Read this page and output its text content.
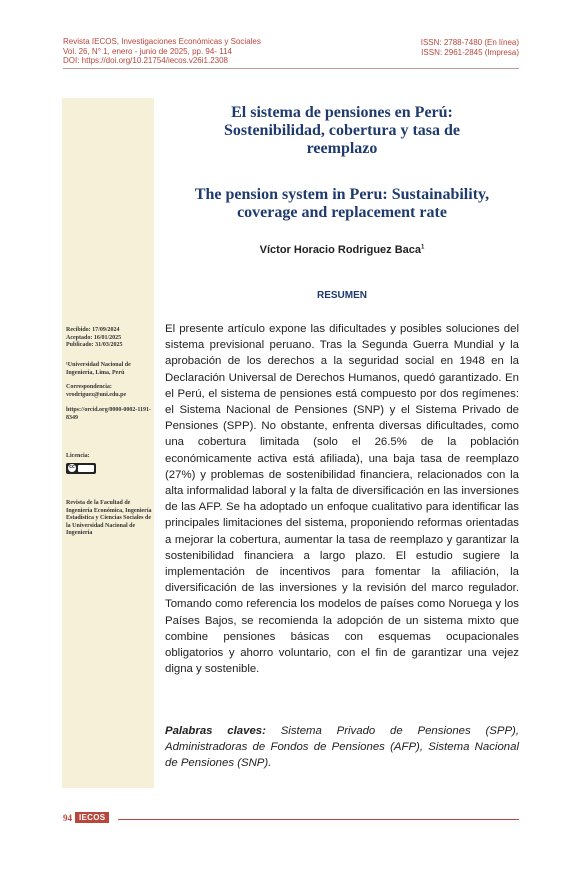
Revista IECOS, Investigaciones Económicas y Sociales
Vol. 26, N° 1, enero - junio de 2025, pp. 94- 114
DOI: https://doi.org/10.21754/iecos.v26i1.2308
ISSN: 2788-7480 (En línea)
ISSN: 2961-2845 (Impresa)
Recibido: 17/09/2024
Aceptado: 16/01/2025
Publicado: 31/03/2025

¹Universidad Nacional de Ingeniería, Lima, Perú

Correspondencia:

vrodriguez@uni.edu.pe

https://orcid.org/0000-0002-1191-8349

Licencia:

cc

Revista de la Facultad de Ingeniería Económica, Ingeniería Estadística y Ciencias Sociales de la Universidad Nacional de Ingeniería

El sistema de pensiones en Perú:
Sostenibilidad, cobertura y tasa de
reemplazo
The pension system in Peru: Sustainability,
coverage and replacement rate
Víctor Horacio Rodriguez Baca$^1$
RESUMEN

El presente artículo expone las dificultades y posibles soluciones del sistema previsional peruano. Tras la Segunda Guerra Mundial y la aprobación de los derechos a la seguridad social en 1948 en la Declaración Universal de Derechos Humanos, quedó garantizado. En el Perú, el sistema de pensiones está compuesto por dos regímenes: el Sistema Nacional de Pensiones (SNP) y el Sistema Privado de Pensiones (SPP). No obstante, enfrenta diversas dificultades, como una cobertura limitada (solo el 26.5% de la población económicamente activa está afiliada), una baja tasa de reemplazo (27%) y problemas de sostenibilidad financiera, relacionados con la alta informalidad laboral y la falta de diversificación en las inversiones de las AFP. Se ha adoptado un enfoque cualitativo para identificar las principales limitaciones del sistema, proponiendo reformas orientadas a mejorar la cobertura, aumentar la tasa de reemplazo y garantizar la sostenibilidad financiera a largo plazo. El estudio sugiere la implementación de incentivos para fomentar la afiliación, la diversificación de las inversiones y la revisión del marco regulador. Tomando como referencia los modelos de países como Noruega y los Países Bajos, se recomienda la adopción de un sistema mixto que combine pensiones básicas con esquemas ocupacionales obligatorios y ahorro voluntario, con el fin de garantizar una vejez digna y sostenible.

Palabras claves: Sistema Privado de Pensiones (SPP), Administradoras de Fondos de Pensiones (AFP), Sistema Nacional de Pensiones (SNP).
94 IECOS
